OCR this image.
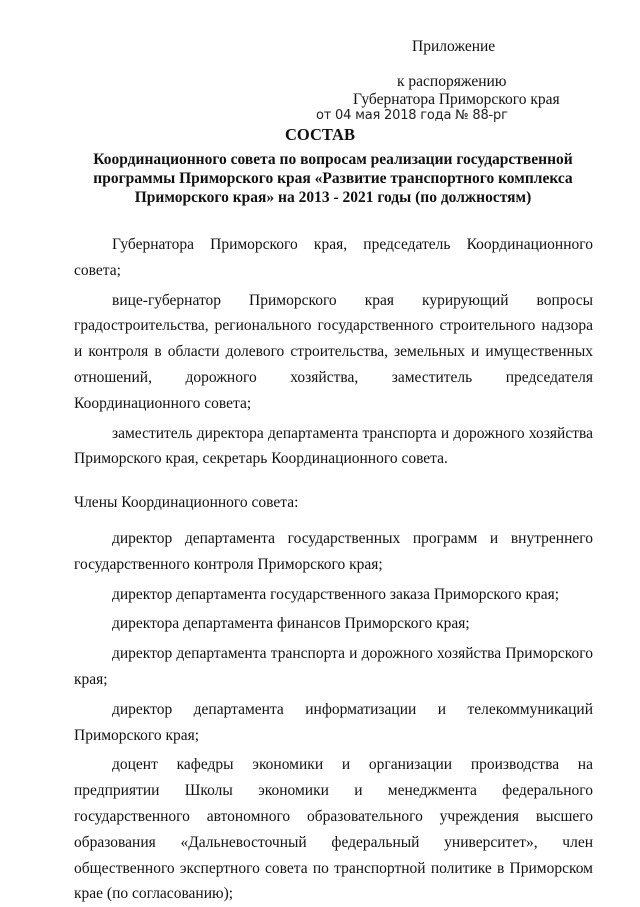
Приложение
к распоряжению
Губернатора Приморского края
от 04 мая 2018 года № 88-рг
СОСТАВ
Координационного совета по вопросам реализации государственной программы Приморского края «Развитие транспортного комплекса Приморского края» на 2013 - 2021 годы (по должностям)

Губернатора Приморского края, председатель Координационного совета;

вице-губернатор Приморского края курирующий вопросы градостроительства, регионального государственного строительного надзора и контроля в области долевого строительства, земельных и имущественных отношений, дорожного хозяйства, заместитель председателя Координационного совета;

заместитель директора департамента транспорта и дорожного хозяйства Приморского края, секретарь Координационного совета.

Члены Координационного совета:

директор департамента государственных программ и внутреннего государственного контроля Приморского края;

директор департамента государственного заказа Приморского края;

директора департамента финансов Приморского края;

директор департамента транспорта и дорожного хозяйства Приморского края;

директор департамента информатизации и телекоммуникаций Приморского края;

доцент кафедры экономики и организации производства на предприятии Школы экономики и менеджмента федерального государственного автономного образовательного учреждения высшего образования «Дальневосточный федеральный университет», член общественного экспертного совета по транспортной политике в Приморском крае (по согласованию);
